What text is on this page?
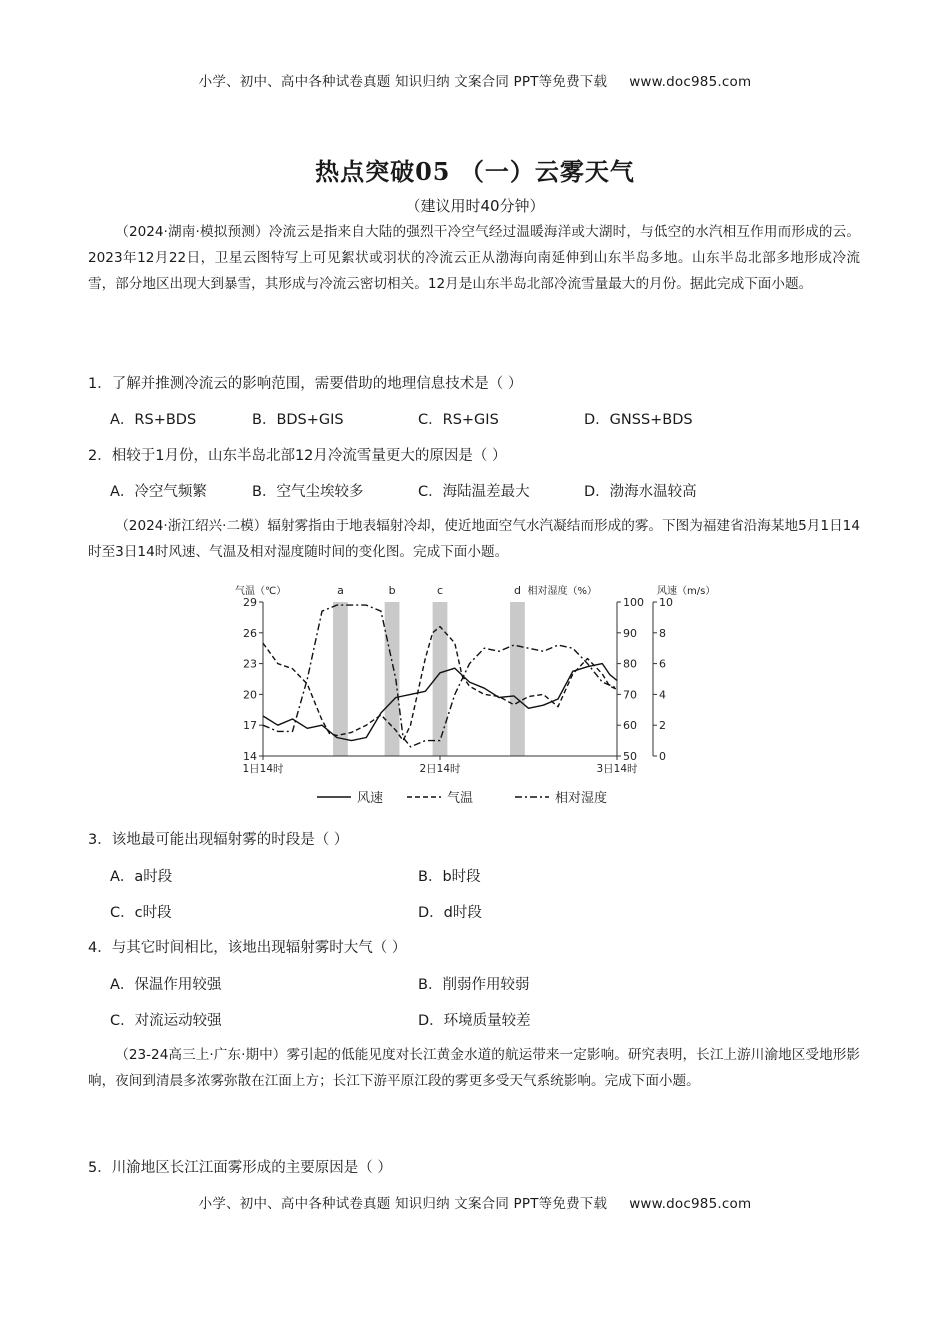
小学、初中、高中各种试卷真题 知识归纳 文案合同 PPT等免费下载 www.doc985.com
热点突破05 （一）云雾天气
（建议用时40分钟）

（2024·湖南·模拟预测）冷流云是指来自大陆的强烈干冷空气经过温暖海洋或大湖时，与低空的水汽相互作用而形成的云。2023年12月22日，卫星云图特写上可见絮状或羽状的冷流云正从渤海向南延伸到山东半岛多地。山东半岛北部多地形成冷流雪，部分地区出现大到暴雪，其形成与冷流云密切相关。12月是山东半岛北部冷流雪量最大的月份。据此完成下面小题。

1．了解并推测冷流云的影响范围，需要借助的地理信息技术是（ ）

A．RS+BDS	B．BDS+GIS	C．RS+GIS	D．GNSS+BDS

2．相较于1月份，山东半岛北部12月冷流雪量更大的原因是（ ）

A．冷空气频繁	B．空气尘埃较多	C．海陆温差最大	D．渤海水温较高

（2024·浙江绍兴·二模）辐射雾指由于地表辐射冷却，使近地面空气水汽凝结而形成的雾。下图为福建省沿海某地5月1日14时至3日14时风速、气温及相对湿度随时间的变化图。完成下面小题。

a	b	c	d
14
17
20
23
26
29
50
60
70
80
90
100
0
2
4
6
8
10
气温（℃）	相对湿度（%）	风速（m/s）
1日14时	2日14时	3日14时
风速	气温	相对湿度

3．该地最可能出现辐射雾的时段是（ ）

A．a时段	B．b时段
C．c时段	D．d时段

4．与其它时间相比，该地出现辐射雾时大气（ ）

A．保温作用较强	B．削弱作用较弱
C．对流运动较强	D．环境质量较差

（23-24高三上·广东·期中）雾引起的低能见度对长江黄金水道的航运带来一定影响。研究表明，长江上游川渝地区受地形影响，夜间到清晨多浓雾弥散在江面上方；长江下游平原江段的雾更多受天气系统影响。完成下面小题。

5．川渝地区长江江面雾形成的主要原因是（ ）

小学、初中、高中各种试卷真题 知识归纳 文案合同 PPT等免费下载 www.doc985.com
